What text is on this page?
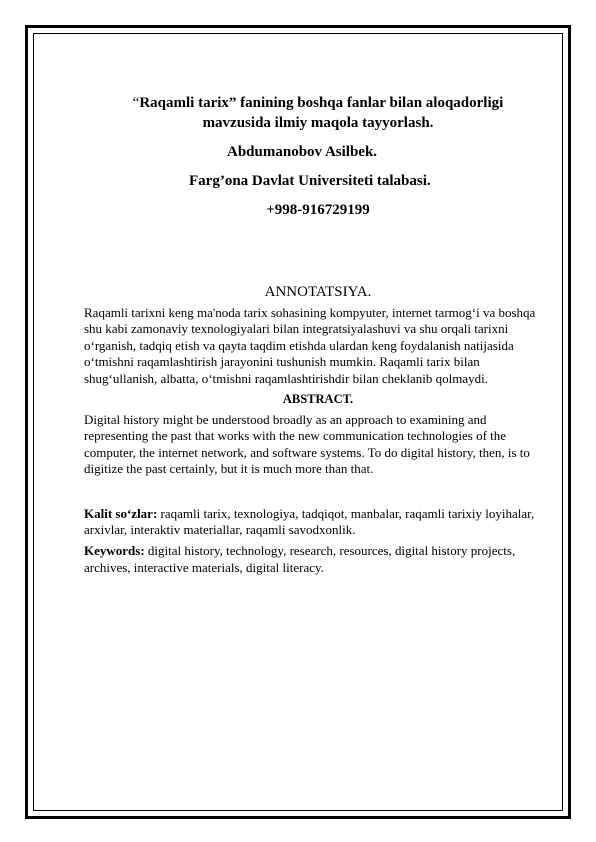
“Raqamli tarix” fanining boshqa fanlar bilan aloqadorligi
mavzusida ilmiy maqola tayyorlash.

Abdumanobov Asilbek.

Farg’ona Davlat Universiteti talabasi.

+998-916729199

ANNOTATSIYA.

Raqamli tarixni keng ma'noda tarix sohasining kompyuter, internet tarmog‘i va boshqa shu kabi zamonaviy texnologiyalari bilan integratsiyalashuvi va shu orqali tarixni o‘rganish, tadqiq etish va qayta taqdim etishda ulardan keng foydalanish natijasida o‘tmishni raqamlashtirish jarayonini tushunish mumkin. Raqamli tarix bilan shug‘ullanish, albatta, o‘tmishni raqamlashtirishdir bilan cheklanib qolmaydi.

ABSTRACT.

Digital history might be understood broadly as an approach to examining and representing the past that works with the new communication technologies of the computer, the internet network, and software systems. To do digital history, then, is to digitize the past certainly, but it is much more than that.

Kalit so‘zlar: raqamli tarix, texnologiya, tadqiqot, manbalar, raqamli tarixiy loyihalar, arxivlar, interaktiv materiallar, raqamli savodxonlik.

Keywords: digital history, technology, research, resources, digital history projects, archives, interactive materials, digital literacy.
